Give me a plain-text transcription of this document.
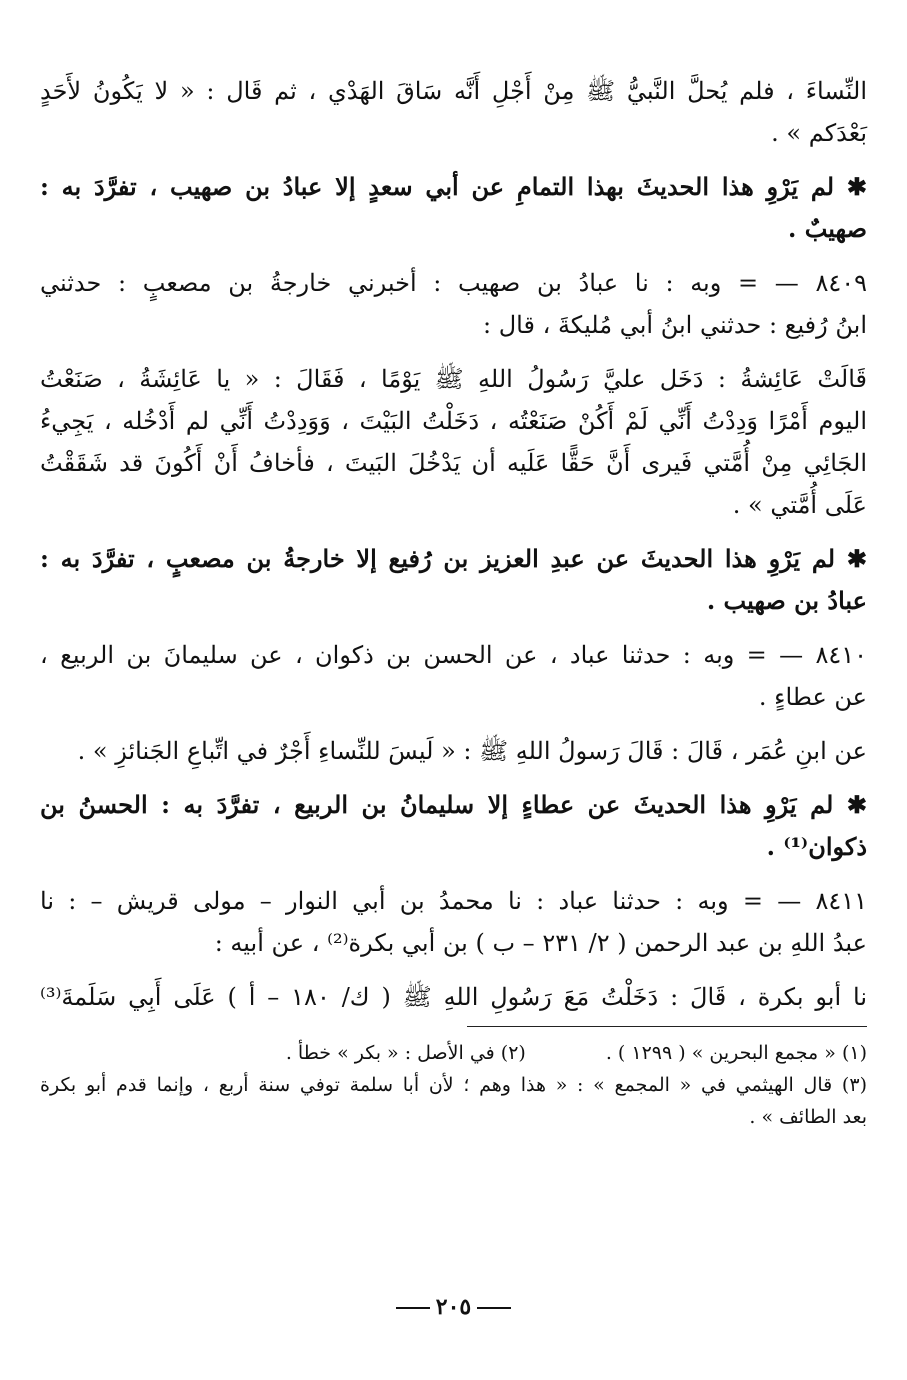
النِّساءَ ، فلم يُحلَّ النَّبيُّ ﷺ مِنْ أَجْلِ أَنَّه سَاقَ الهَدْي ، ثم قَال : « لا يَكُونُ لأَحَدٍ
بَعْدَكم » .
✱ لم يَرْوِ هذا الحديثَ بهذا التمامِ عن أبي سعدٍ إلا عبادُ بن صهيب ، تفرَّدَ به :
صهيبٌ .
٨٤٠٩ — = وبه : نا عبادُ بن صهيب : أخبرني خارجةُ بن مصعبٍ : حدثني
ابنُ رُفيع : حدثني ابنُ أبي مُليكةَ ، قال :
قَالَتْ عَائِشةُ : دَخَل عليَّ رَسُولُ اللهِ ﷺ يَوْمًا ، فَقَالَ : « يا عَائِشَةُ ، صَنَعْتُ
اليوم أَمْرًا وَدِدْتُ أَنِّي لَمْ أَكُنْ صَنَعْتُه ، دَخَلْتُ البَيْتَ ، وَوَدِدْتُ أَنِّي لم أَدْخُله ، يَجِيءُ
الجَائِي مِنْ أُمَّتي فَيرى أَنَّ حَقًّا عَلَيه أن يَدْخُلَ البَيتَ ، فأخافُ أَنْ أَكُونَ قد شَقَقْتُ
عَلَى أُمَّتي » .
✱ لم يَرْوِ هذا الحديثَ عن عبدِ العزيز بن رُفيع إلا خارجةُ بن مصعبٍ ، تفرَّدَ به :
عبادُ بن صهيب .
٨٤١٠ — = وبه : حدثنا عباد ، عن الحسن بن ذكوان ، عن سليمانَ بن الربيع ،
عن عطاءٍ .
عن ابنِ عُمَر ، قَالَ : قَالَ رَسولُ اللهِ ﷺ : « لَيسَ للنِّساءِ أَجْرٌ في اتِّباعِ الجَنائزِ » .
✱ لم يَرْوِ هذا الحديثَ عن عطاءٍ إلا سليمانُ بن الربيع ، تفرَّدَ به : الحسنُ بن
ذكوان⁽¹⁾ .
٨٤١١ — = وبه : حدثنا عباد : نا محمدُ بن أبي النوار – مولى قريش – : نا
عبدُ اللهِ بن عبد الرحمن ( ٢/ ٢٣١ – ب ) بن أبي بكرة⁽²⁾ ، عن أبيه :
نا أبو بكرة ، قَالَ : دَخَلْتُ مَعَ رَسُولِ اللهِ ﷺ ( ك/ ١٨٠ – أ ) عَلَى أَبِي سَلَمةَ⁽³⁾
(١) « مجمع البحرين » ( ١٢٩٩ ) .
(٢) في الأصل : « بكر » خطأ .
(٣) قال الهيثمي في « المجمع » : « هذا وهم ؛ لأن أبا سلمة توفي سنة أربع ، وإنما قدم أبو بكرة
بعد الطائف » .
٢٠٥
